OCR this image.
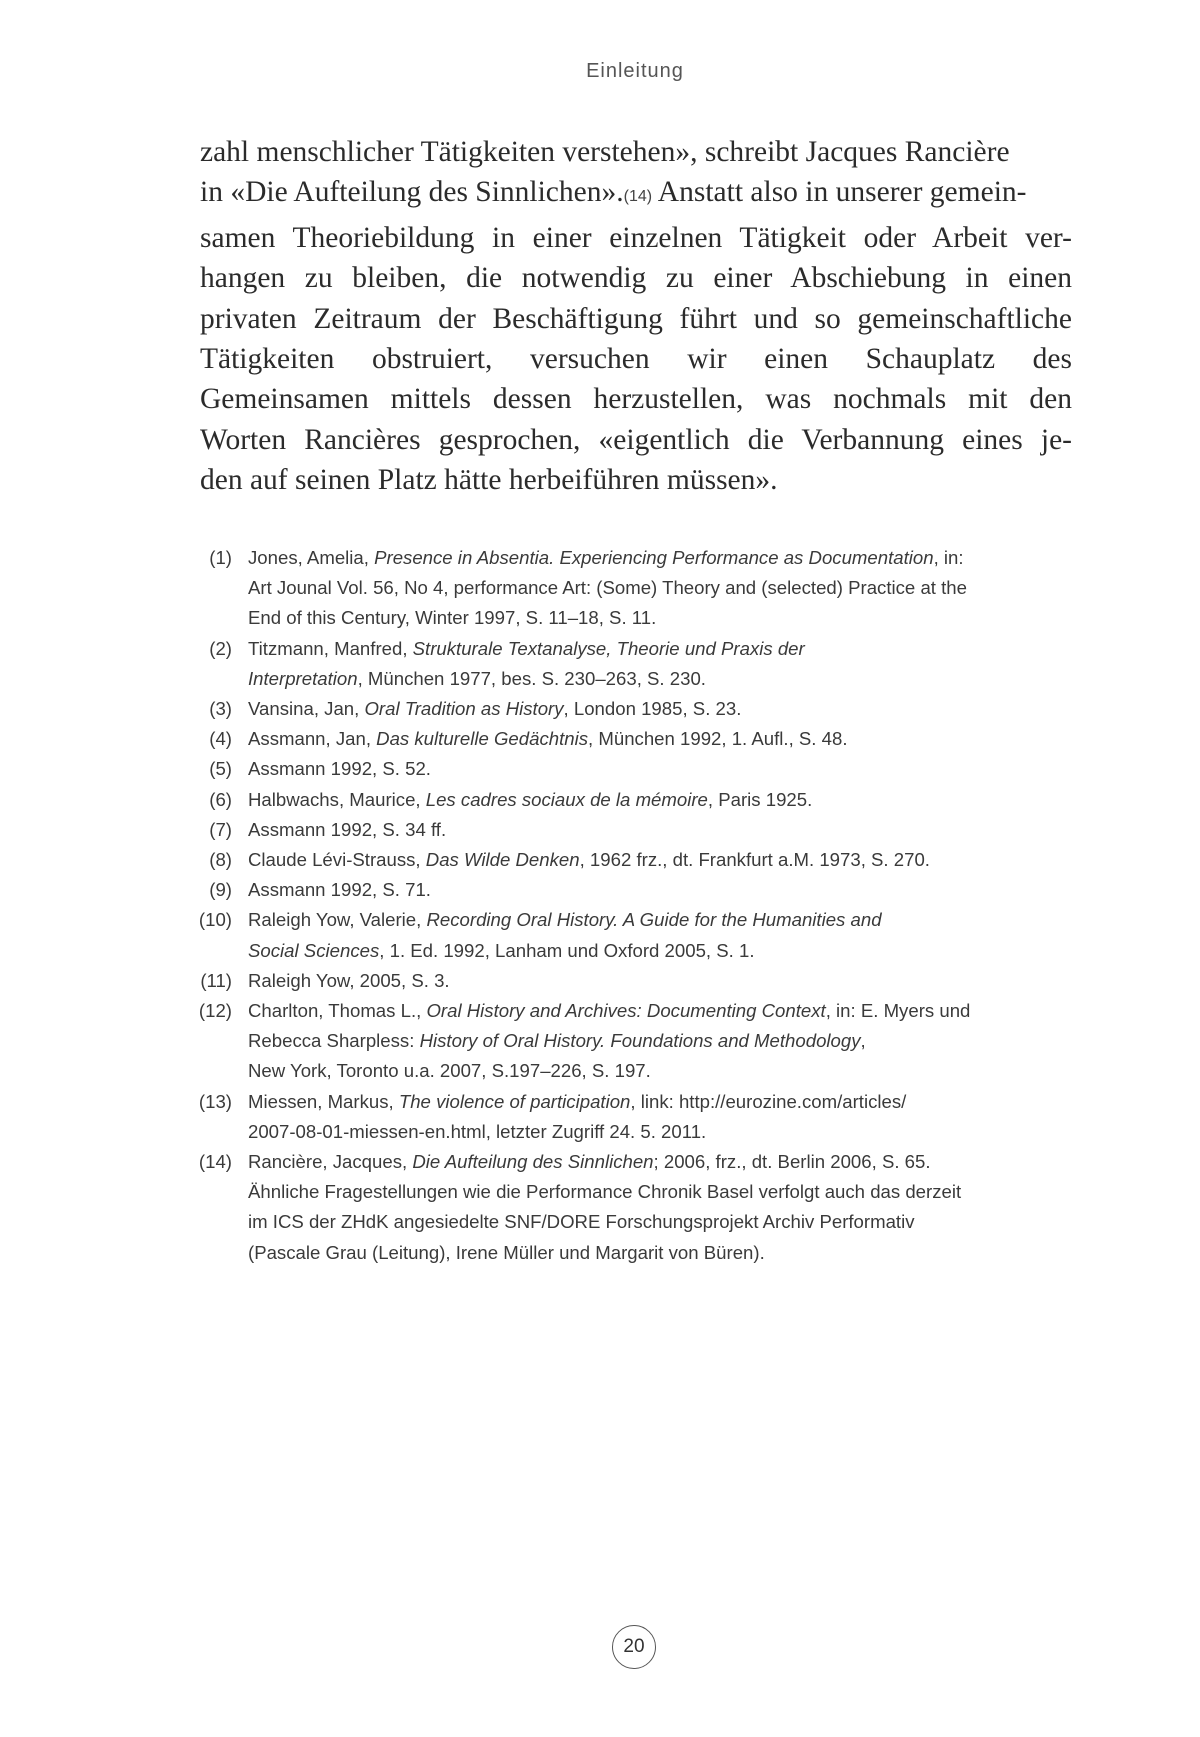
Einleitung
zahl menschlicher Tätigkeiten verstehen», schreibt Jacques Rancière
in «Die Aufteilung des Sinnlichen».(14) Anstatt also in unserer gemein-
samen Theoriebildung in einer einzelnen Tätigkeit oder Arbeit ver-
hangen zu bleiben, die notwendig zu einer Abschiebung in einen
privaten Zeitraum der Beschäftigung führt und so gemeinschaftliche
Tätigkeiten obstruiert, versuchen wir einen Schauplatz des
Gemeinsamen mittels dessen herzustellen, was nochmals mit den
Worten Rancières gesprochen, «eigentlich die Verbannung eines je-
den auf seinen Platz hätte herbeiführen müssen».
(1) Jones, Amelia, Presence in Absentia. Experiencing Performance as Documentation, in:
Art Jounal Vol. 56, No 4, performance Art: (Some) Theory and (selected) Practice at the
End of this Century, Winter 1997, S. 11–18, S. 11.
(2) Titzmann, Manfred, Strukturale Textanalyse, Theorie und Praxis der
Interpretation, München 1977, bes. S. 230–263, S. 230.
(3) Vansina, Jan, Oral Tradition as History, London 1985, S. 23.
(4) Assmann, Jan, Das kulturelle Gedächtnis, München 1992, 1. Aufl., S. 48.
(5) Assmann 1992, S. 52.
(6) Halbwachs, Maurice, Les cadres sociaux de la mémoire, Paris 1925.
(7) Assmann 1992, S. 34 ff.
(8) Claude Lévi-Strauss, Das Wilde Denken, 1962 frz., dt. Frankfurt a.M. 1973, S. 270.
(9) Assmann 1992, S. 71.
(10) Raleigh Yow, Valerie, Recording Oral History. A Guide for the Humanities and
Social Sciences, 1. Ed. 1992, Lanham und Oxford 2005, S. 1.
(11) Raleigh Yow, 2005, S. 3.
(12) Charlton, Thomas L., Oral History and Archives: Documenting Context, in: E. Myers und
Rebecca Sharpless: History of Oral History. Foundations and Methodology,
New York, Toronto u.a. 2007, S.197–226, S. 197.
(13) Miessen, Markus, The violence of participation, link: http://eurozine.com/articles/
2007-08-01-miessen-en.html, letzter Zugriff 24. 5. 2011.
(14) Rancière, Jacques, Die Aufteilung des Sinnlichen; 2006, frz., dt. Berlin 2006, S. 65.
Ähnliche Fragestellungen wie die Performance Chronik Basel verfolgt auch das derzeit
im ICS der ZHdK angesiedelte SNF/DORE Forschungsprojekt Archiv Performativ
(Pascale Grau (Leitung), Irene Müller und Margarit von Büren).
20
